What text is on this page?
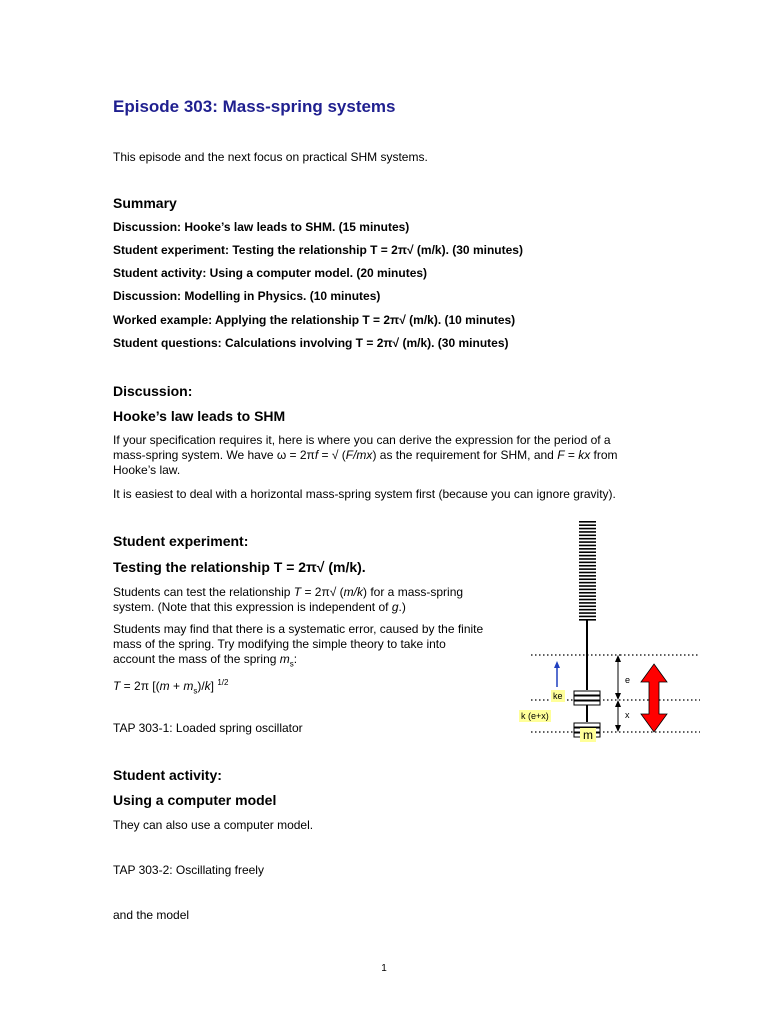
Episode 303: Mass-spring systems
This episode and the next focus on practical SHM systems.
Summary
Discussion: Hooke’s law leads to SHM. (15 minutes)
Student experiment: Testing the relationship T = 2π√ (m/k). (30 minutes)
Student activity: Using a computer model. (20 minutes)
Discussion: Modelling in Physics. (10 minutes)
Worked example: Applying the relationship T = 2π√ (m/k). (10 minutes)
Student questions: Calculations involving T = 2π√ (m/k). (30 minutes)
Discussion:
Hooke’s law leads to SHM
If your specification requires it, here is where you can derive the expression for the period of a
mass-spring system. We have ω = 2πf = √ (F/mx) as the requirement for SHM, and F = kx from
Hooke’s law.
It is easiest to deal with a horizontal mass-spring system first (because you can ignore gravity).
Student experiment:
Testing the relationship T = 2π√ (m/k).
Students can test the relationship T = 2π√ (m/k) for a mass-spring
system. (Note that this expression is independent of g.)
Students may find that there is a systematic error, caused by the finite
mass of the spring. Try modifying the simple theory to take into
account the mass of the spring $m_s$:
T = 2π $[(m + m_s)/k]$ $^{1/2}$
TAP 303-1: Loaded spring oscillator
e
x
ke
k (e+x)
m
Student activity:
Using a computer model
They can also use a computer model.
TAP 303-2: Oscillating freely
and the model
1
